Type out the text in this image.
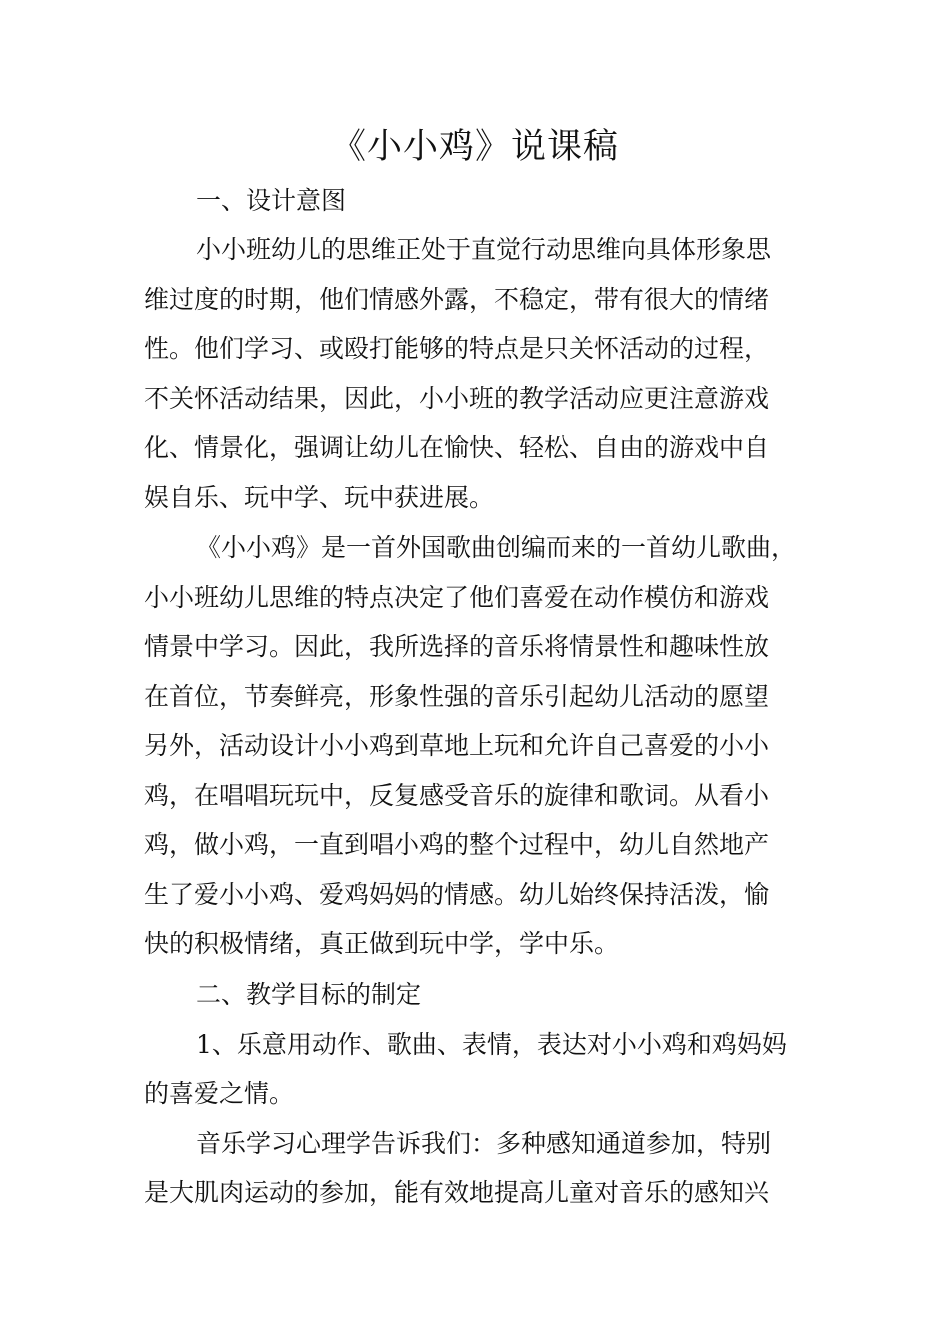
《小小鸡》说课稿

一、设计意图

小小班幼儿的思维正处于直觉行动思维向具体形象思

维过度的时期，他们情感外露，不稳定，带有很大的情绪

性。他们学习、或殴打能够的特点是只关怀活动的过程，

不关怀活动结果，因此，小小班的教学活动应更注意游戏

化、情景化，强调让幼儿在愉快、轻松、自由的游戏中自

娱自乐、玩中学、玩中获进展。

《小小鸡》是一首外国歌曲创编而来的一首幼儿歌曲，

小小班幼儿思维的特点决定了他们喜爱在动作模仿和游戏

情景中学习。因此，我所选择的音乐将情景性和趣味性放

在首位，节奏鲜亮，形象性强的音乐引起幼儿活动的愿望

另外，活动设计小小鸡到草地上玩和允许自己喜爱的小小

鸡，在唱唱玩玩中，反复感受音乐的旋律和歌词。从看小

鸡，做小鸡，一直到唱小鸡的整个过程中，幼儿自然地产

生了爱小小鸡、爱鸡妈妈的情感。幼儿始终保持活泼，愉

快的积极情绪，真正做到玩中学，学中乐。

二、教学目标的制定

1、乐意用动作、歌曲、表情，表达对小小鸡和鸡妈妈

的喜爱之情。

音乐学习心理学告诉我们：多种感知通道参加，特别

是大肌肉运动的参加，能有效地提高儿童对音乐的感知兴
